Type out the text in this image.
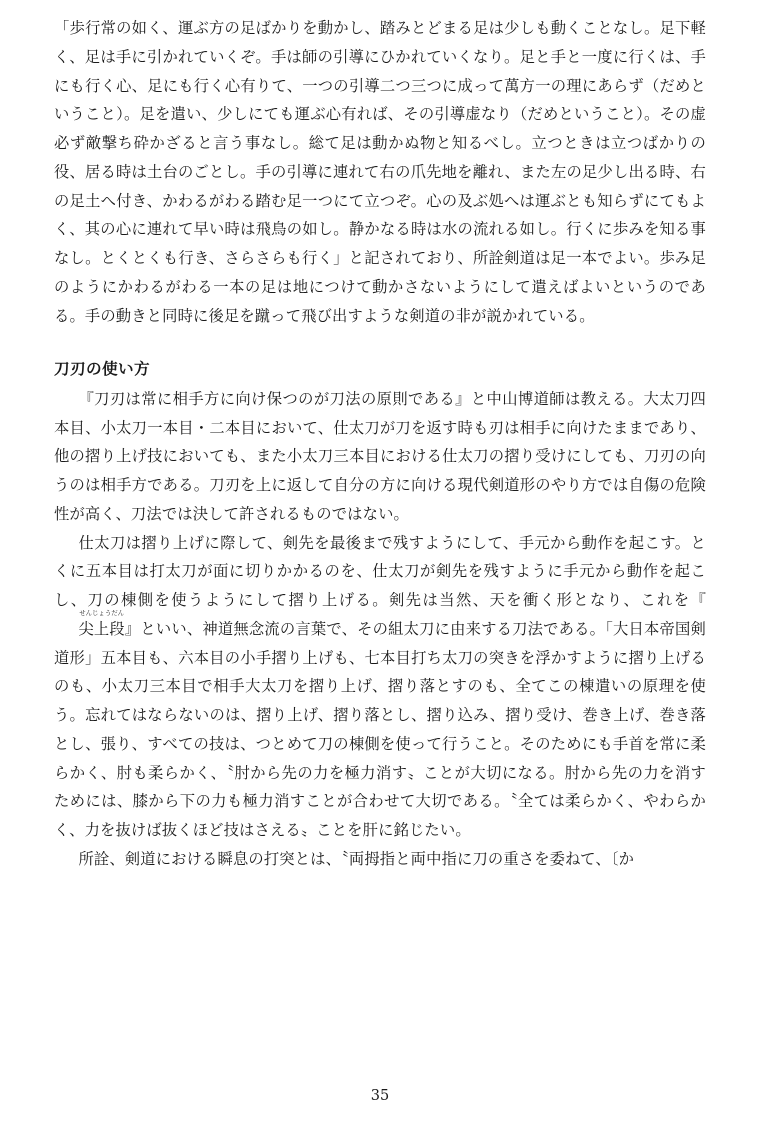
「歩行常の如く、運ぶ方の足ばかりを動かし、踏みとどまる足は少しも動くことなし。足下軽く、足は手に引かれていくぞ。手は師の引導にひかれていくなり。足と手と一度に行くは、手にも行く心、足にも行く心有りて、一つの引導二つ三つに成って萬方一の理にあらず（だめということ）。足を遣い、少しにても運ぶ心有れば、その引導虚なり（だめということ）。その虚必ず敵撃ち砕かざると言う事なし。総て足は動かぬ物と知るべし。立つときは立つばかりの役、居る時は土台のごとし。手の引導に連れて右の爪先地を離れ、また左の足少し出る時、右の足土へ付き、かわるがわる踏む足一つにて立つぞ。心の及ぶ処へは運ぶとも知らずにてもよく、其の心に連れて早い時は飛鳥の如し。静かなる時は水の流れる如し。行くに歩みを知る事なし。とくとくも行き、さらさらも行く」と記されており、所詮剣道は足一本でよい。歩み足のようにかわるがわる一本の足は地につけて動かさないようにして遣えばよいというのである。手の動きと同時に後足を蹴って飛び出すような剣道の非が説かれている。

刀刃の使い方

『刀刃は常に相手方に向け保つのが刀法の原則である』と中山博道師は教える。大太刀四本目、小太刀一本目・二本目において、仕太刀が刀を返す時も刃は相手に向けたままであり、他の摺り上げ技においても、また小太刀三本目における仕太刀の摺り受けにしても、刀刃の向うのは相手方である。刀刃を上に返して自分の方に向ける現代剣道形のやり方では自傷の危険性が高く、刀法では決して許されるものではない。

仕太刀は摺り上げに際して、剣先を最後まで残すようにして、手元から動作を起こす。とくに五本目は打太刀が面に切りかかるのを、仕太刀が剣先を残すように手元から動作を起こし、刀の棟側を使うようにして摺り上げる。剣先は当然、天を衝く形となり、これを『
せんじょうだん
尖上段』といい、神道無念流の言葉で、その組太刀に由来する刀法である。「大日本帝国剣道形」五本目も、六本目の小手摺り上げも、七本目打ち太刀の突きを浮かすように摺り上げるのも、小太刀三本目で相手大太刀を摺り上げ、摺り落とすのも、全てこの棟遣いの原理を使う。忘れてはならないのは、摺り上げ、摺り落とし、摺り込み、摺り受け、巻き上げ、巻き落とし、張り、すべての技は、つとめて刀の棟側を使って行うこと。そのためにも手首を常に柔らかく、肘も柔らかく、〝肘から先の力を極力消す〟ことが大切になる。肘から先の力を消すためには、膝から下の力も極力消すことが合わせて大切である。〝全ては柔らかく、やわらかく、力を抜けば抜くほど技はさえる〟ことを肝に銘じたい。

所詮、剣道における瞬息の打突とは、〝両拇指と両中指に刀の重さを委ねて、〔か

35
